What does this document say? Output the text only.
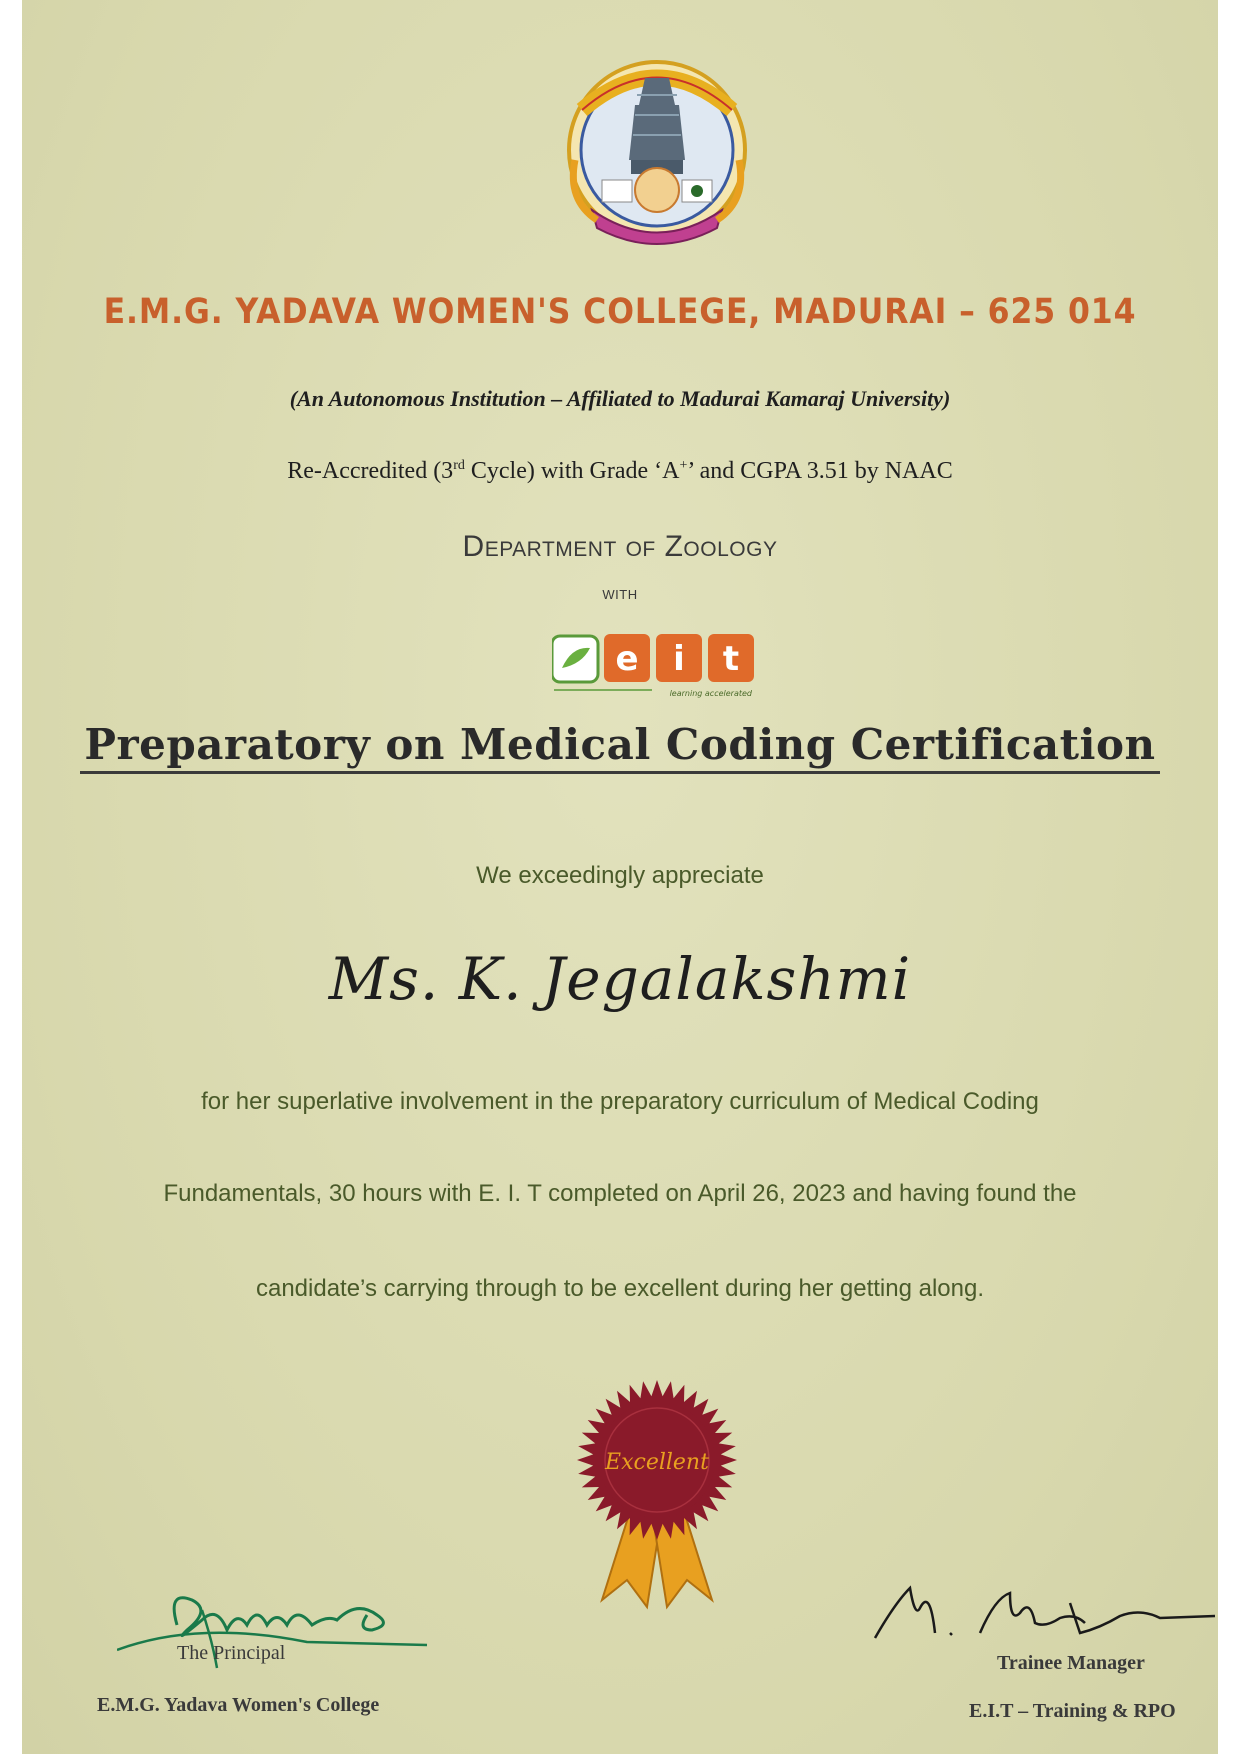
E.M.G. YADAVA WOMEN'S COLLEGE, MADURAI – 625 014
(An Autonomous Institution – Affiliated to Madurai Kamaraj University)
Re-Accredited (3rd Cycle) with Grade ‘A+’ and CGPA 3.51 by NAAC
Department of Zoology
with
e i t
learning accelerated
Preparatory on Medical Coding Certification
We exceedingly appreciate
Ms. K. Jegalakshmi
for her superlative involvement in the preparatory curriculum of Medical Coding
Fundamentals, 30 hours with E. I. T completed on April 26, 2023 and having found the
candidate’s carrying through to be excellent during her getting along.
Excellent
The Principal
E.M.G. Yadava Women's College
Trainee Manager
E.I.T – Training & RPO
